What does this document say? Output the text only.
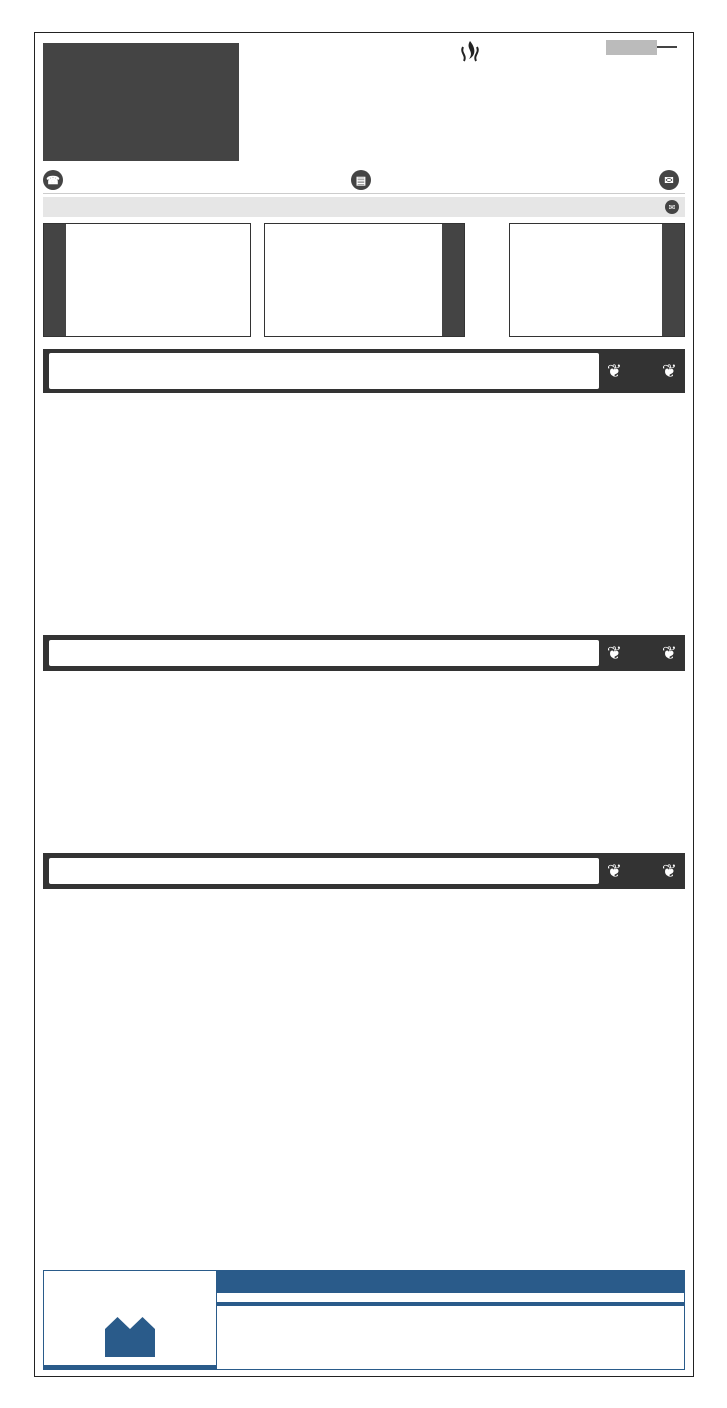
☎	▤	✉
✉
❦
❦
❦
❦
❦
❦
